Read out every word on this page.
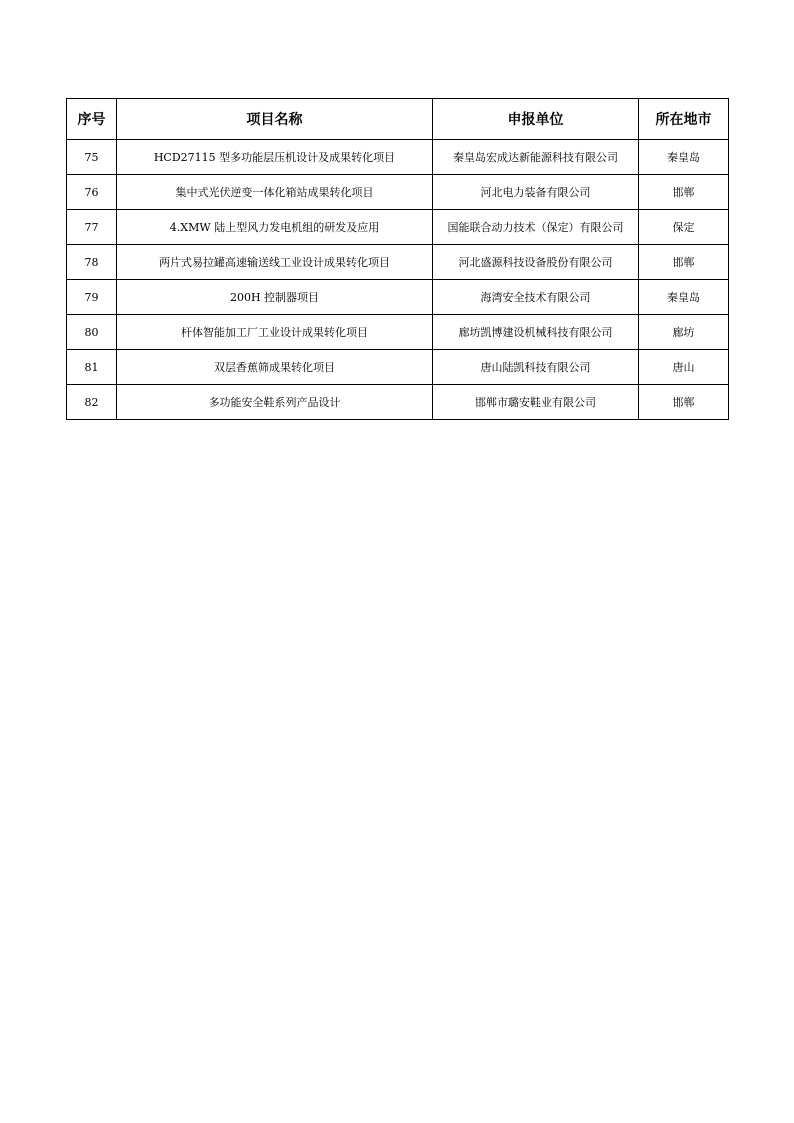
序号	项目名称	申报单位	所在地市
75	HCD27115 型多功能层压机设计及成果转化项目	秦皇岛宏成达新能源科技有限公司	秦皇岛
76	集中式光伏逆变一体化箱站成果转化项目	河北电力装备有限公司	邯郸
77	4.XMW 陆上型风力发电机组的研发及应用	国能联合动力技术（保定）有限公司	保定
78	两片式易拉罐高速输送线工业设计成果转化项目	河北盛源科技设备股份有限公司	邯郸
79	200H 控制器项目	海湾安全技术有限公司	秦皇岛
80	杆体智能加工厂工业设计成果转化项目	廊坊凯博建设机械科技有限公司	廊坊
81	双层香蕉筛成果转化项目	唐山陆凯科技有限公司	唐山
82	多功能安全鞋系列产品设计	邯郸市璐安鞋业有限公司	邯郸
